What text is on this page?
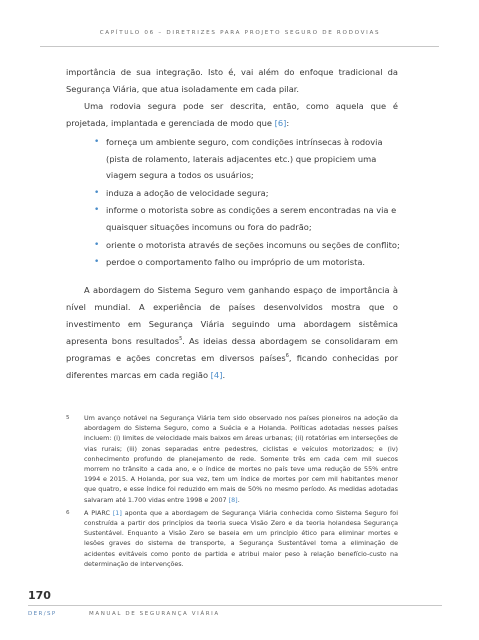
CAPÍTULO 06 – DIRETRIZES PARA PROJETO SEGURO DE RODOVIAS

importância de sua integração. Isto é, vai além do enfoque tradicional da Segurança Viária, que atua isoladamente em cada pilar.

Uma rodovia segura pode ser descrita, então, como aquela que é projetada, implantada e gerenciada de modo que [6]:

• forneça um ambiente seguro, com condições intrínsecas à rodovia (pista de rolamento, laterais adjacentes etc.) que propiciem uma viagem segura a todos os usuários;
• induza a adoção de velocidade segura;
• informe o motorista sobre as condições a serem encontradas na via e quaisquer situações incomuns ou fora do padrão;
• oriente o motorista através de seções incomuns ou seções de conflito;
• perdoe o comportamento falho ou impróprio de um motorista.

A abordagem do Sistema Seguro vem ganhando espaço de importância à nível mundial. A experiência de países desenvolvidos mostra que o investimento em Segurança Viária seguindo uma abordagem sistêmica apresenta bons resultados$^5$. As ideias dessa abordagem se consolidaram em programas e ações concretas em diversos países$^6$, ficando conhecidas por diferentes marcas em cada região [4].

5 Um avanço notável na Segurança Viária tem sido observado nos países pioneiros na adoção da abordagem do Sistema Seguro, como a Suécia e a Holanda. Políticas adotadas nesses países incluem: (i) limites de velocidade mais baixos em áreas urbanas; (ii) rotatórias em interseções de vias rurais; (iii) zonas separadas entre pedestres, ciclistas e veículos motorizados; e (iv) conhecimento profundo de planejamento de rede. Somente três em cada cem mil suecos morrem no trânsito a cada ano, e o índice de mortes no país teve uma redução de 55% entre 1994 e 2015. A Holanda, por sua vez, tem um índice de mortes por cem mil habitantes menor que quatro, e esse índice foi reduzido em mais de 50% no mesmo período. As medidas adotadas salvaram até 1.700 vidas entre 1998 e 2007 [8].
6 A PIARC [1] aponta que a abordagem de Segurança Viária conhecida como Sistema Seguro foi construída a partir dos princípios da teoria sueca Visão Zero e da teoria holandesa Segurança Sustentável. Enquanto a Visão Zero se baseia em um princípio ético para eliminar mortes e lesões graves do sistema de transporte, a Segurança Sustentável toma a eliminação de acidentes evitáveis como ponto de partida e atribui maior peso à relação benefício-custo na determinação de intervenções.
170
DER/SP	MANUAL DE SEGURANÇA VIÁRIA
